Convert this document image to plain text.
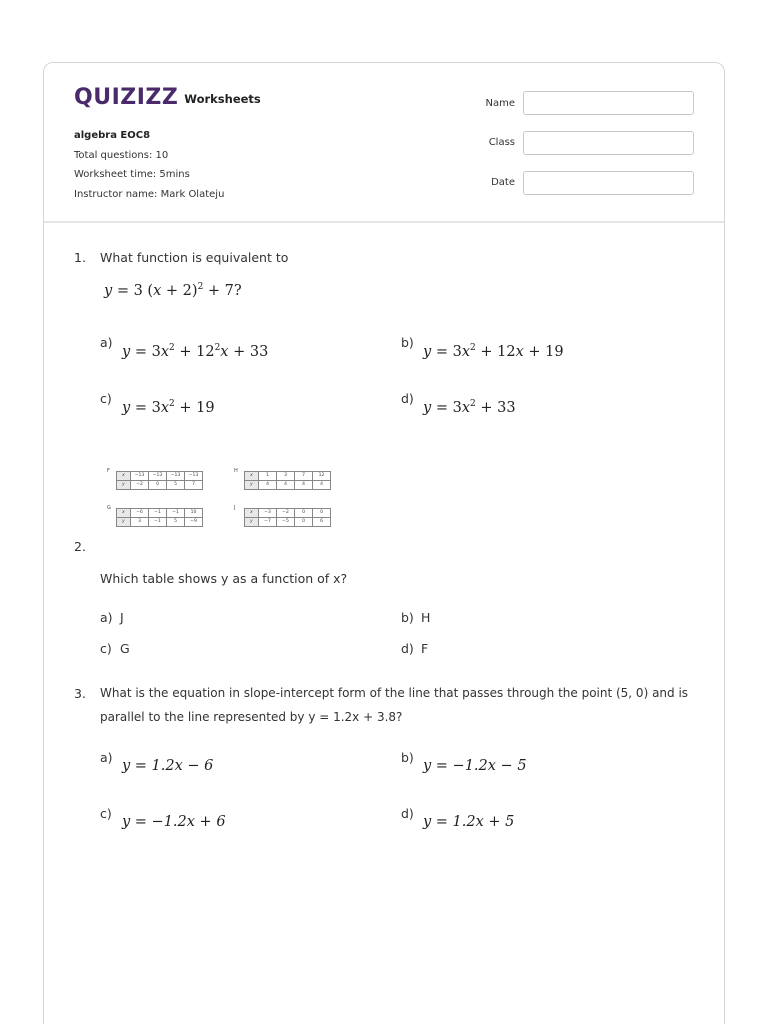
QUIZIZZ Worksheets
algebra EOC8
Total questions: 10
Worksheet time: 5mins
Instructor name: Mark Olateju
Name
Class
Date
1. What function is equivalent to
y = 3 $(x + 2)^2 + 7$?
a)
$y = 3x^2 + 12^2x + 33$
b)
$y = 3x^2 + 12x + 19$
c)
$y = 3x^2 + 19$
d)
$y = 3x^2 + 33$
F
x	−13	−13	−13	−13
y	−2	0	5	7
H
x	1	3	7	12
y	4	4	4	4
G
x	−6	−1	−1	10
y	3	−1	5	−9
J
x	−3	−2	0	0
y	−7	−5	0	6
2.
Which table shows y as a function of x?
a) J	b) H
c) G	d) F
3. What is the equation in slope-intercept form of the line that passes through the point (5, 0) and is
parallel to the line represented by y = 1.2x + 3.8?
a)
y = 1.2x − 6
b)
y = −1.2x − 5
c)
y = −1.2x + 6
d)
y = 1.2x + 5
